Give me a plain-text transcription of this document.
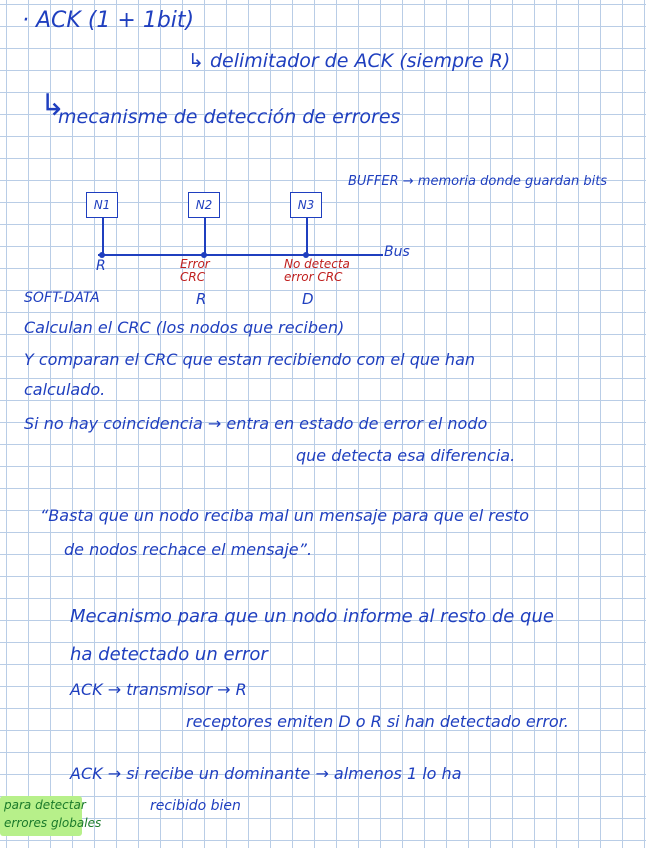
· ACK (1 + 1bit)
↳ delimitador de ACK (siempre R)
mecanisme de detección de errores
↳
BUFFER → memoria donde guardan bits
N1	N2	N3
Bus
R	Error CRC
No detecta error CRC
SOFT-DATA	R	D
Calculan el CRC (los nodos que reciben)
Y comparan el CRC que estan recibiendo con el que han
calculado.
Si no hay coincidencia → entra en estado de error el nodo
que detecta esa diferencia.
“Basta que un nodo reciba mal un mensaje para que el resto
de nodos rechace el mensaje”.
Mecanismo para que un nodo informe al resto de que
ha detectado un error
ACK → transmisor → R
receptores emiten D o R si han detectado error.
ACK → si recibe un dominante → almenos 1 lo ha
recibido bien
para detectar
errores globales
